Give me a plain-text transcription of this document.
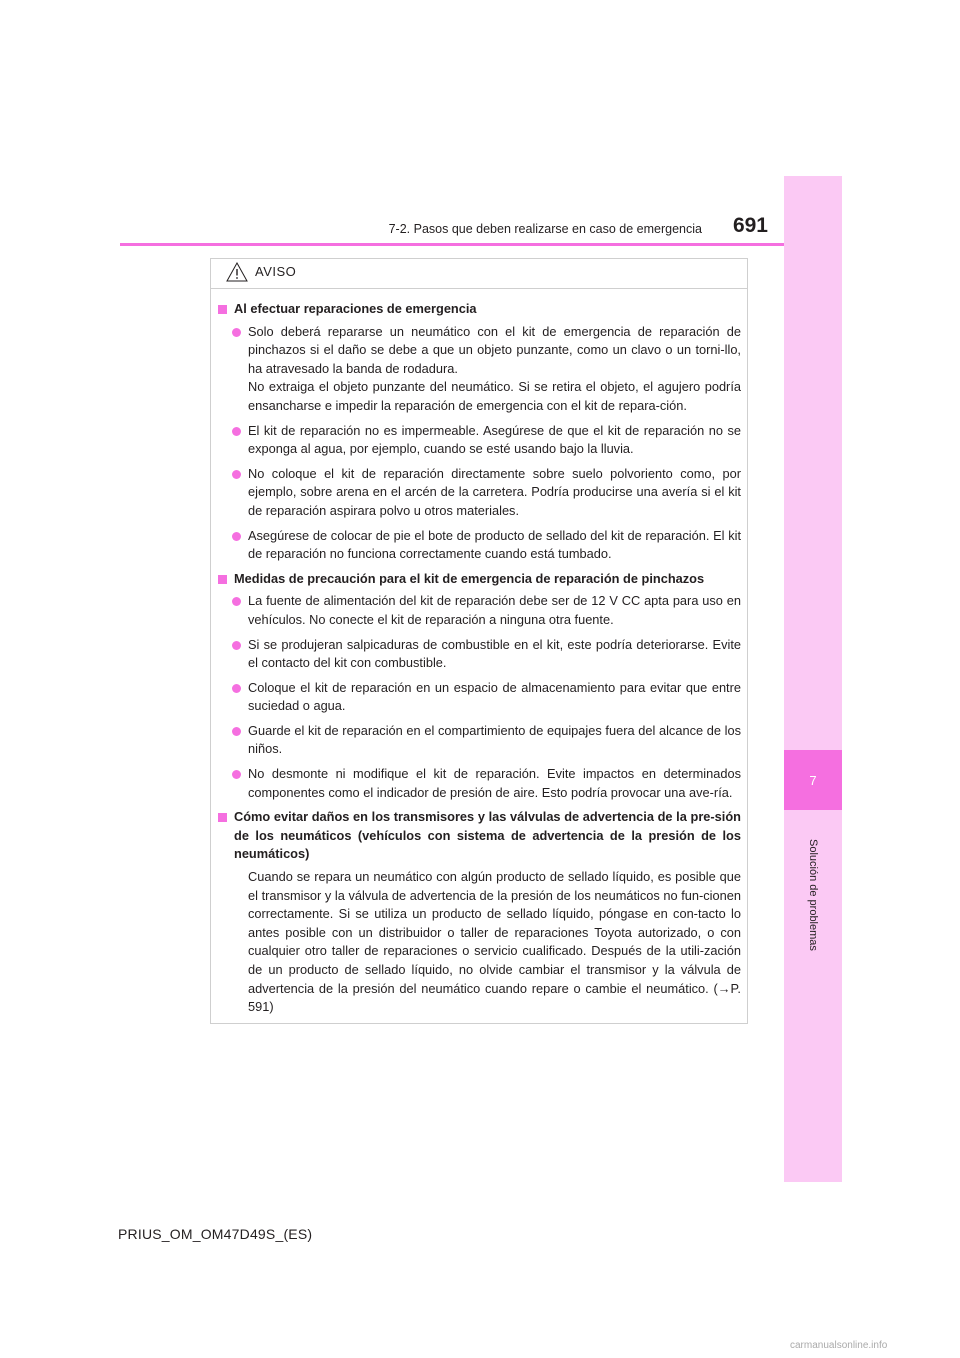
7
Solución de problemas
7-2. Pasos que deben realizarse en caso de emergencia 691
AVISO
Al efectuar reparaciones de emergencia
Solo deberá repararse un neumático con el kit de emergencia de reparación de pinchazos si el daño se debe a que un objeto punzante, como un clavo o un torni-llo, ha atravesado la banda de rodadura.
No extraiga el objeto punzante del neumático. Si se retira el objeto, el agujero podría ensancharse e impedir la reparación de emergencia con el kit de repara-ción.
El kit de reparación no es impermeable. Asegúrese de que el kit de reparación no se exponga al agua, por ejemplo, cuando se esté usando bajo la lluvia.
No coloque el kit de reparación directamente sobre suelo polvoriento como, por ejemplo, sobre arena en el arcén de la carretera. Podría producirse una avería si el kit de reparación aspirara polvo u otros materiales.
Asegúrese de colocar de pie el bote de producto de sellado del kit de reparación. El kit de reparación no funciona correctamente cuando está tumbado.
Medidas de precaución para el kit de emergencia de reparación de pinchazos
La fuente de alimentación del kit de reparación debe ser de 12 V CC apta para uso en vehículos. No conecte el kit de reparación a ninguna otra fuente.
Si se produjeran salpicaduras de combustible en el kit, este podría deteriorarse. Evite el contacto del kit con combustible.
Coloque el kit de reparación en un espacio de almacenamiento para evitar que entre suciedad o agua.
Guarde el kit de reparación en el compartimiento de equipajes fuera del alcance de los niños.
No desmonte ni modifique el kit de reparación. Evite impactos en determinados componentes como el indicador de presión de aire. Esto podría provocar una ave-ría.
Cómo evitar daños en los transmisores y las válvulas de advertencia de la pre-sión de los neumáticos (vehículos con sistema de advertencia de la presión de los neumáticos)
Cuando se repara un neumático con algún producto de sellado líquido, es posible que el transmisor y la válvula de advertencia de la presión de los neumáticos no fun-cionen correctamente. Si se utiliza un producto de sellado líquido, póngase en con-tacto lo antes posible con un distribuidor o taller de reparaciones Toyota autorizado, o con cualquier otro taller de reparaciones o servicio cualificado. Después de la utili-zación de un producto de sellado líquido, no olvide cambiar el transmisor y la válvula de advertencia de la presión del neumático cuando repare o cambie el neumático. (→P. 591)
PRIUS_OM_OM47D49S_(ES)
carmanualsonline.info
